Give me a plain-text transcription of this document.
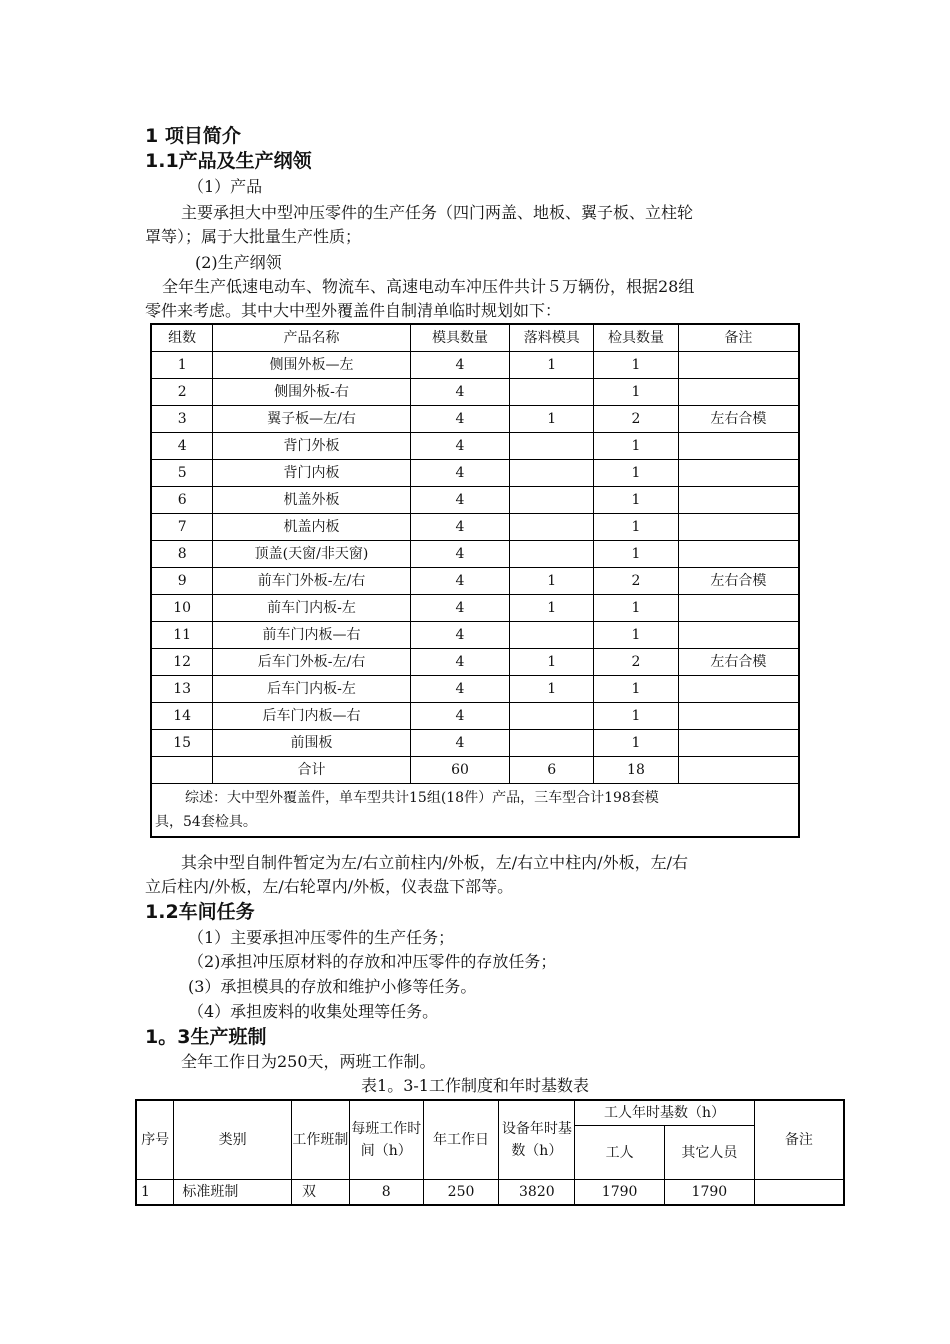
1 项目简介
1.1产品及生产纲领
（1）产品
主要承担大中型冲压零件的生产任务（四门两盖、地板、翼子板、立柱轮
罩等）；属于大批量生产性质；
(2)生产纲领
全年生产低速电动车、物流车、高速电动车冲压件共计５万辆份，根据28组
零件来考虑。其中大中型外覆盖件自制清单临时规划如下：
组数	产品名称	模具数量	落料模具	检具数量	备注
1	侧围外板—左	4	1	1	
2	侧围外板-右	4		1	
3	翼子板—左/右	4	1	2	左右合模
4	背门外板	4		1	
5	背门内板	4		1	
6	机盖外板	4		1	
7	机盖内板	4		1	
8	顶盖(天窗/非天窗)	4		1	
9	前车门外板-左/右	4	1	2	左右合模
10	前车门内板-左	4	1	1	
11	前车门内板—右	4		1	
12	后车门外板-左/右	4	1	2	左右合模
13	后车门内板-左	4	1	1	
14	后车门内板—右	4		1	
15	前围板	4		1	
	合计	60	6	18	

综述：大中型外覆盖件，单车型共计15组(18件）产品，三车型合计198套模
具，54套检具。					
其余中型自制件暂定为左/右立前柱内/外板，左/右立中柱内/外板，左/右
立后柱内/外板，左/右轮罩内/外板，仪表盘下部等。
1.2车间任务
（1）主要承担冲压零件的生产任务；
（2)承担冲压原材料的存放和冲压零件的存放任务；
(3）承担模具的存放和维护小修等任务。
（4）承担废料的收集处理等任务。
1。3生产班制
全年工作日为250天，两班工作制。
表1。3-1工作制度和年时基数表
序号	类别	工作班制	每班工作时间（h）	年工作日	设备年时基数（h）	工人年时基数（h）		备注
						工人	其它人员	
1	标准班制	双	8	250	3820	1790	1790	
